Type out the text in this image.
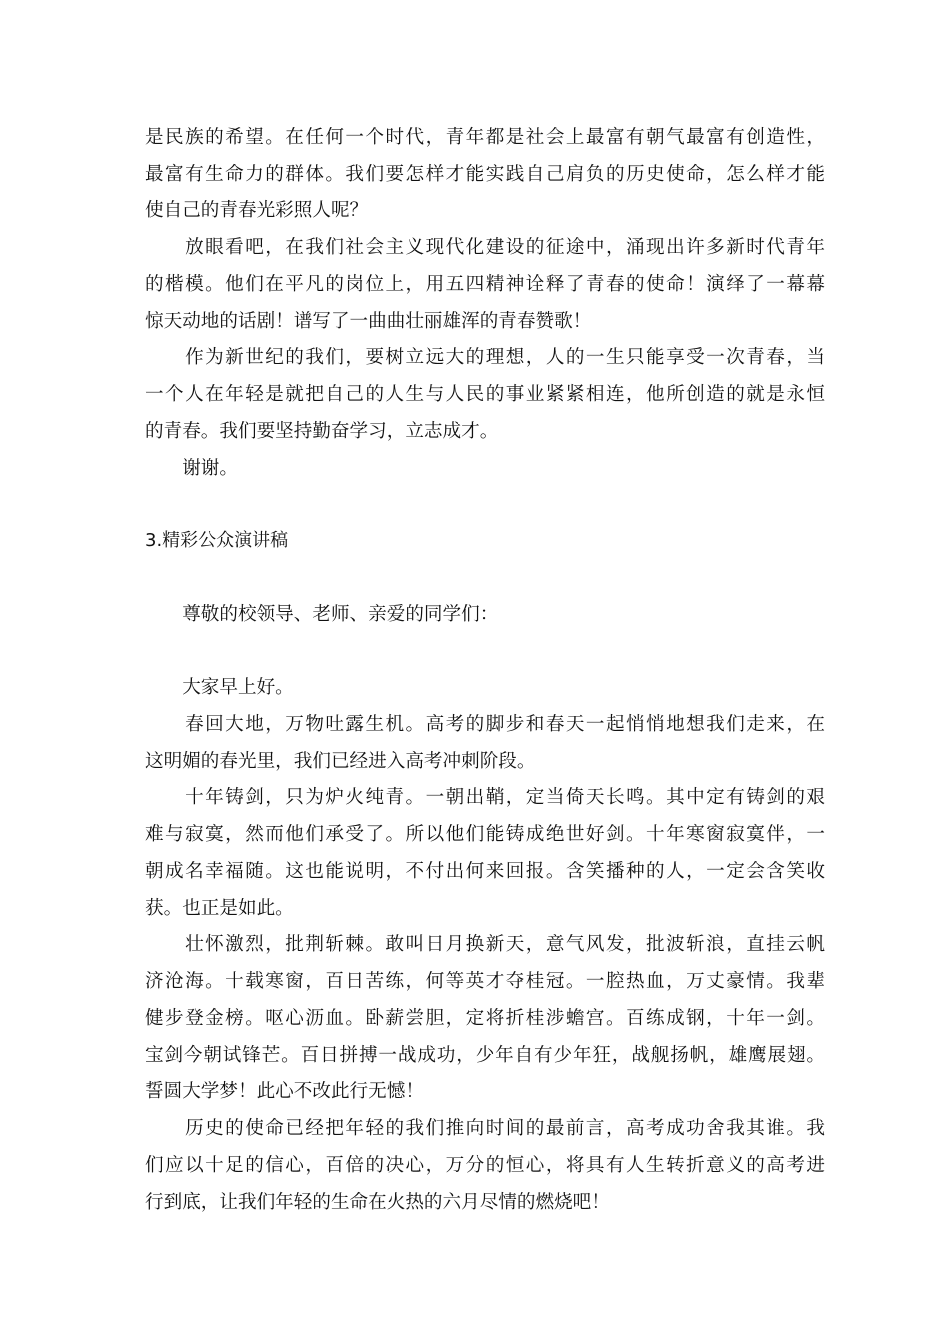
是民族的希望。在任何一个时代，青年都是社会上最富有朝气最富有创造性，
最富有生命力的群体。我们要怎样才能实践自己肩负的历史使命，怎么样才能
使自己的青春光彩照人呢？
　　放眼看吧，在我们社会主义现代化建设的征途中，涌现出许多新时代青年
的楷模。他们在平凡的岗位上，用五四精神诠释了青春的使命！演绎了一幕幕
惊天动地的话剧！谱写了一曲曲壮丽雄浑的青春赞歌！
　　作为新世纪的我们，要树立远大的理想，人的一生只能享受一次青春，当
一个人在年轻是就把自己的人生与人民的事业紧紧相连，他所创造的就是永恒
的青春。我们要坚持勤奋学习，立志成才。
　　谢谢。
3.精彩公众演讲稿
　　尊敬的校领导、老师、亲爱的同学们：
　　大家早上好。
　　春回大地，万物吐露生机。高考的脚步和春天一起悄悄地想我们走来，在
这明媚的春光里，我们已经进入高考冲刺阶段。
　　十年铸剑，只为炉火纯青。一朝出鞘，定当倚天长鸣。其中定有铸剑的艰
难与寂寞，然而他们承受了。所以他们能铸成绝世好剑。十年寒窗寂寞伴，一
朝成名幸福随。这也能说明，不付出何来回报。含笑播种的人，一定会含笑收
获。也正是如此。
　　壮怀激烈，批荆斩棘。敢叫日月换新天，意气风发，批波斩浪，直挂云帆
济沧海。十载寒窗，百日苦练，何等英才夺桂冠。一腔热血，万丈豪情。我辈
健步登金榜。呕心沥血。卧薪尝胆，定将折桂涉蟾宫。百练成钢，十年一剑。
宝剑今朝试锋芒。百日拼搏一战成功，少年自有少年狂，战舰扬帆，雄鹰展翅。
誓圆大学梦！此心不改此行无憾！
　　历史的使命已经把年轻的我们推向时间的最前言，高考成功舍我其谁。我
们应以十足的信心，百倍的决心，万分的恒心，将具有人生转折意义的高考进
行到底，让我们年轻的生命在火热的六月尽情的燃烧吧！
